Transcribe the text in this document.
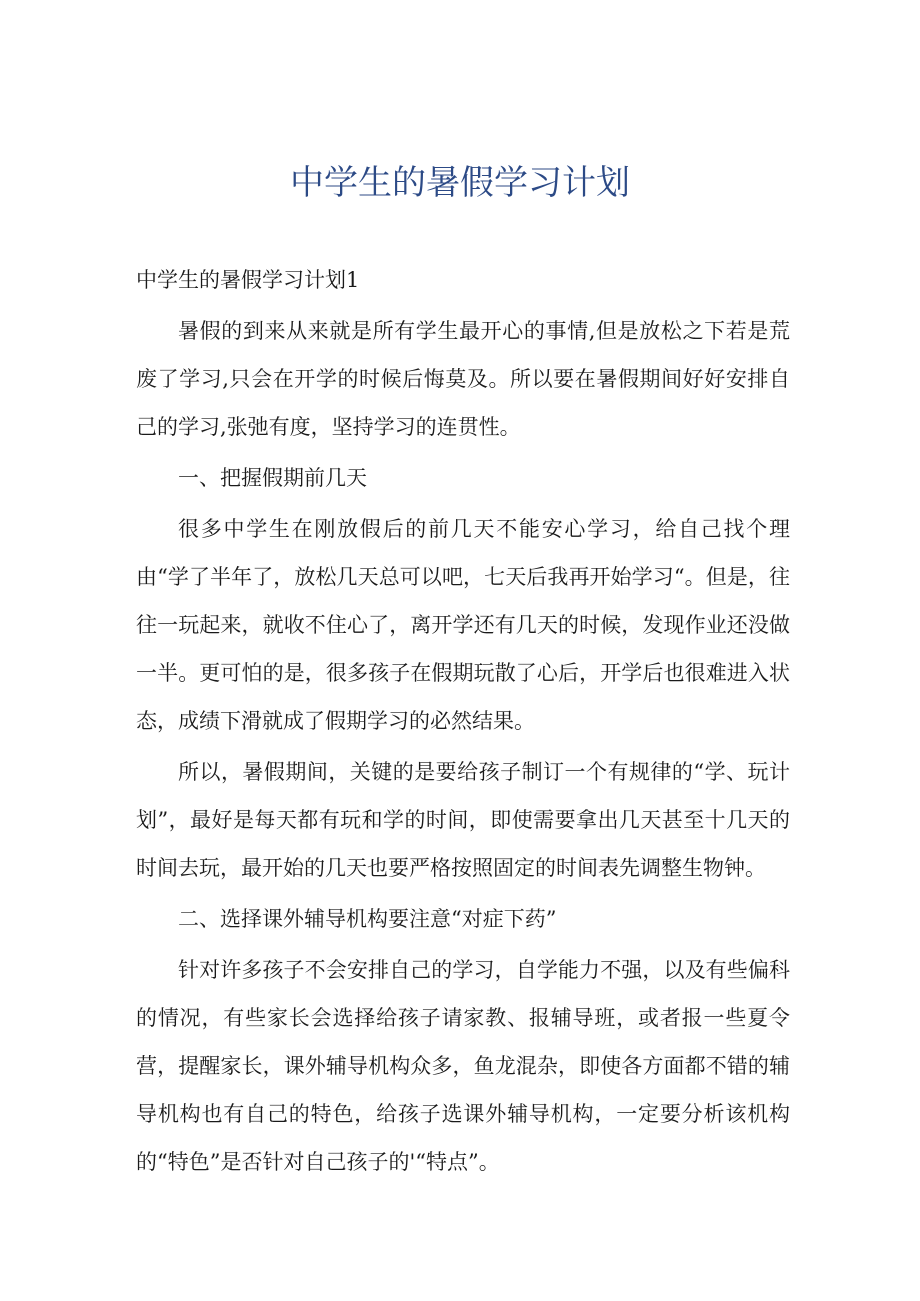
中学生的暑假学习计划

中学生的暑假学习计划1

暑假的到来从来就是所有学生最开心的事情,但是放松之下若是荒废了学习,只会在开学的时候后悔莫及。所以要在暑假期间好好安排自己的学习,张弛有度，坚持学习的连贯性。

一、把握假期前几天

很多中学生在刚放假后的前几天不能安心学习，给自己找个理由“学了半年了，放松几天总可以吧，七天后我再开始学习“。但是，往往一玩起来，就收不住心了，离开学还有几天的时候，发现作业还没做一半。更可怕的是，很多孩子在假期玩散了心后，开学后也很难进入状态，成绩下滑就成了假期学习的必然结果。

所以，暑假期间，关键的是要给孩子制订一个有规律的“学、玩计划”，最好是每天都有玩和学的时间，即使需要拿出几天甚至十几天的时间去玩，最开始的几天也要严格按照固定的时间表先调整生物钟。

二、选择课外辅导机构要注意“对症下药”

针对许多孩子不会安排自己的学习，自学能力不强，以及有些偏科的情况，有些家长会选择给孩子请家教、报辅导班，或者报一些夏令营，提醒家长，课外辅导机构众多，鱼龙混杂，即使各方面都不错的辅导机构也有自己的特色，给孩子选课外辅导机构，一定要分析该机构的“特色”是否针对自己孩子的'“特点”。
